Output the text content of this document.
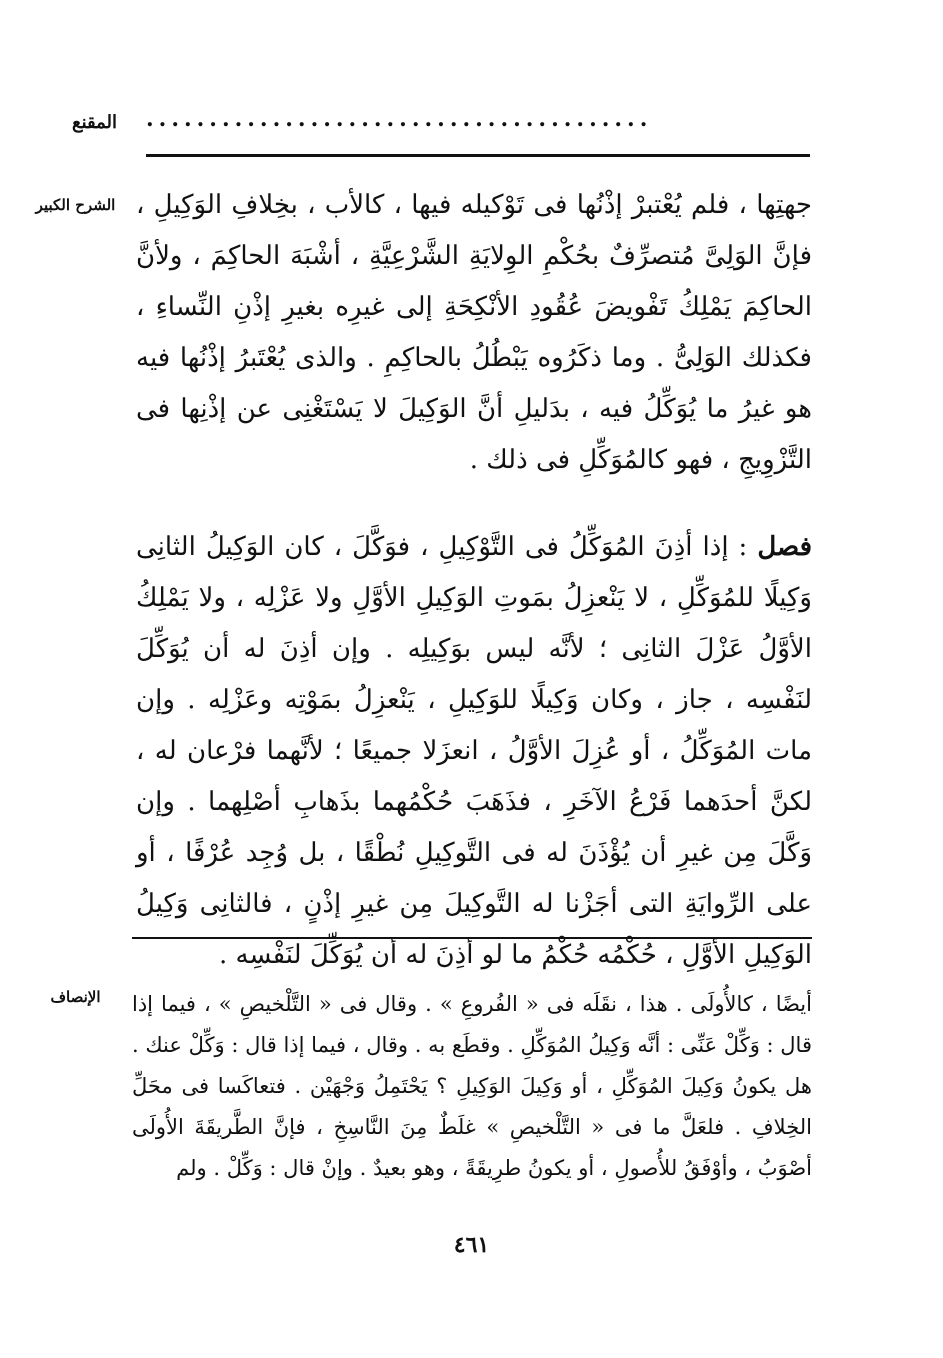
المقنع ........................................
الشرح الكبير جهتِها ، فلم يُعْتبرْ إذْنُها فى تَوْكيله فيها ، كالأب ، بخِلافِ الوَكِيلِ ، فإنَّ الوَلِىَّ مُتصرِّفٌ بحُكْمِ الوِلايَةِ الشَّرْعِيَّةِ ، أشْبَهَ الحاكِمَ ، ولأنَّ الحاكِمَ يَمْلِكُ تَفْويضَ عُقُودِ الأنْكِحَةِ إلى غيرِه بغيرِ إذْنِ النِّساءِ ، فكذلك الوَلِىُّ . وما ذكَرُوه يَبْطُلُ بالحاكِمِ . والذى يُعْتَبرُ إذْنُها فيه هو غيرُ ما يُوَكِّلُ فيه ، بدَليلِ أنَّ الوَكِيلَ لا يَسْتَغْنِى عن إذْنِها فى التَّزْوِيجِ ، فهو كالمُوَكِّلِ فى ذلك .

فصل : إذا أذِنَ المُوَكِّلُ فى التَّوْكِيلِ ، فوَكَّلَ ، كان الوَكِيلُ الثانِى وَكِيلًا للمُوَكِّلِ ، لا يَنْعزِلُ بمَوتِ الوَكِيلِ الأوَّلِ ولا عَزْلِه ، ولا يَمْلِكُ الأوَّلُ عَزْلَ الثانِى ؛ لأنَّه ليس بوَكِيلِه . وإن أذِنَ له أن يُوَكِّلَ لنَفْسِه ، جاز ، وكان وَكِيلًا للوَكِيلِ ، يَنْعزِلُ بمَوْتِه وعَزْلِه . وإن مات المُوَكِّلُ ، أو عُزِلَ الأوَّلُ ، انعزَلا جميعًا ؛ لأنَّهما فرْعان له ، لكنَّ أحدَهما فَرْعُ الآخَرِ ، فذَهَبَ حُكْمُهما بذَهابِ أصْلِهما . وإن وَكَّلَ مِن غيرِ أن يُؤْذَنَ له فى التَّوكِيلِ نُطْقًا ، بل وُجِد عُرْفًا ، أو على الرِّوايَةِ التى أجَزْنا له التَّوكِيلَ مِن غيرِ إذْنٍ ، فالثانِى وَكِيلُ الوَكِيلِ الأوَّلِ ، حُكْمُه حُكْمُ ما لو أذِنَ له أن يُوَكِّلَ لنَفْسِه .

الإنصاف	أيضًا ، كالأُولَى . هذا ، نقَلَه فى « الفُروعِ » . وقال فى « التَّلْخيصِ » ، فيما إذا قال : وَكِّلْ عَنِّى : أنَّه وَكِيلُ المُوَكِّلِ . وقطَع به . وقال ، فيما إذا قال : وَكِّلْ عنك . هل يكونُ وَكِيلَ المُوَكِّلِ ، أو وَكِيلَ الوَكِيلِ ؟ يَحْتَمِلُ وَجْهَيْن . فتعاكَسا فى محَلِّ الخِلافِ . فلعَلَّ ما فى « التَّلْخيصِ » غلَطٌ مِنَ النَّاسِخِ ، فإنَّ الطَّريقَةَ الأُولَى أصْوَبُ ، وأوْفَقُ للأُصولِ ، أو يكونُ طرِيقَةً ، وهو بعيدٌ . وإنْ قال : وَكِّلْ . ولم

٤٦١
